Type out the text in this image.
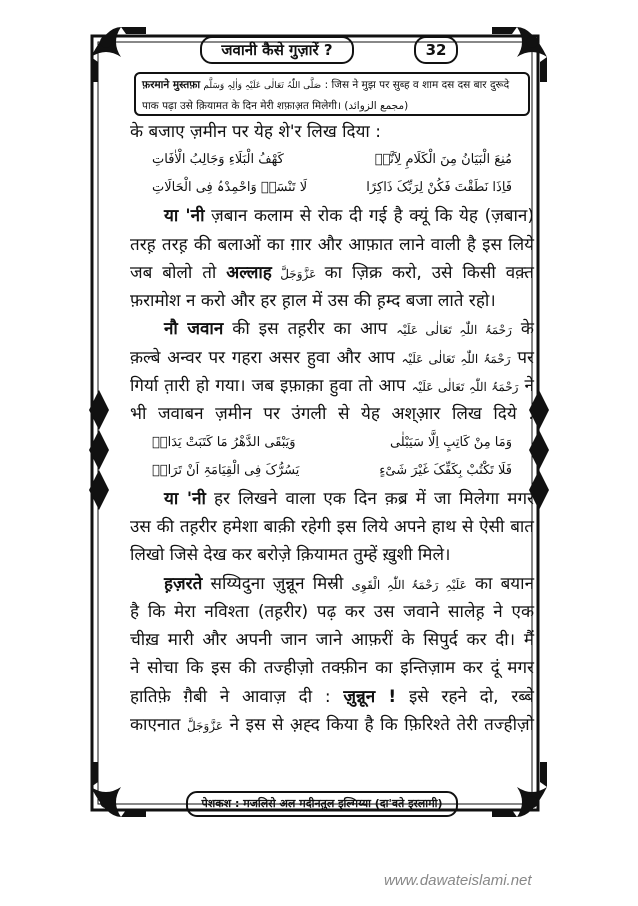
जवानी कैसे गुज़ारें ?	32
फ़रमाने मुस्तफ़ा صَلَّى اللّٰہُ تَعَالٰی عَلَیْہِ وَاٰلِہٖ وَسَلَّم : जिस ने मुझ पर सुब्ह व शाम दस दस बार दुरूदे
पाक पढ़ा उसे क़ियामत के दिन मेरी शफ़ाअ़त मिलेगी। (مجمع الزوائد)
के बजाए ज़मीन पर येह शे'र लिख दिया :
مُنِعَ الْبَیَانُ مِنَ الْکَلَامِ لِاَنَّہٗ
کَهْفُ الْبَلَاءِ وَجَالِبُ الْاٰفَاتِ
فَاِذَا نَطَقْتَ فَکُنْ لِرَبِّکَ ذَاکِرًا
لَا تَنْسَہٗ وَاحْمِدْہُ فِی الْحَالَاتِ
या 'नी ज़बान कलाम से रोक दी गई है क्यूं कि येह (ज़बान)
तरह़ तरह़ की बलाओं का ग़ार और आफ़ात लाने वाली है इस लिये
जब बोलो तो अल्लाह عَزَّوَجَلَّ का ज़िक्र करो, उसे किसी वक़्त
फ़रामोश न करो और हर ह़ाल में उस की ह़म्द बजा लाते रहो।
नौ जवान की इस तह़रीर का आप رَحْمَۃُ اللّٰہِ تَعَالٰی عَلَیْہ के
क़ल्बे अन्वर पर गहरा असर हुवा और आप رَحْمَۃُ اللّٰہِ تَعَالٰی عَلَیْہ पर
गिर्या त़ारी हो गया। जब इफ़ाक़ा हुवा तो आप رَحْمَۃُ اللّٰہِ تَعَالٰی عَلَیْہ ने
भी जवाबन ज़मीन पर उंगली से येह अश्आ़र लिख दिये :
وَمَا مِنْ کَاتِبٍ اِلَّا سَیَبْلٰی
وَیَبْقَی الدَّهْرُ مَا کَتَبَتْ یَدَاہٗ
فَلَا تَکْتُبْ بِکَفِّکَ غَیْرَ شَیْءٍ
یَسُرُّکَ فِی الْقِیَامَۃِ اَنْ تَرَاہٗ
या 'नी हर लिखने वाला एक दिन क़ब्र में जा मिलेगा मगर
उस की तह़रीर हमेशा बाक़ी रहेगी इस लिये अपने हाथ से ऐसी बात
लिखो जिसे देख कर बरोज़े क़ियामत तुम्हें ख़ुशी मिले।
ह़ज़रते सय्यिदुना ज़ुन्नून मिस्री عَلَیْہِ رَحْمَۃُ اللّٰہِ الْقَوِی का बयान
है कि मेरा नविश्ता (तह़रीर) पढ़ कर उस जवाने सालेह़ ने एक
चीख़ मारी और अपनी जान जाने आफ़रीं के सिपुर्द कर दी। मैं
ने सोचा कि इस की तज्हीज़ो तक्फ़ीन का इन्तिज़ाम कर दूं मगर
हातिफ़े ग़ैबी ने आवाज़ दी : ज़ुन्नून ! इसे रहने दो, रब्बे
काएनात عَزَّوَجَلَّ ने इस से अ़ह्द किया है कि फ़िरिश्ते तेरी तज्हीज़ो
पेशकश : मजलिसे अल मदीनतुल इल्मिय्या (दा'वते इस्लामी)
www.dawateislami.net
